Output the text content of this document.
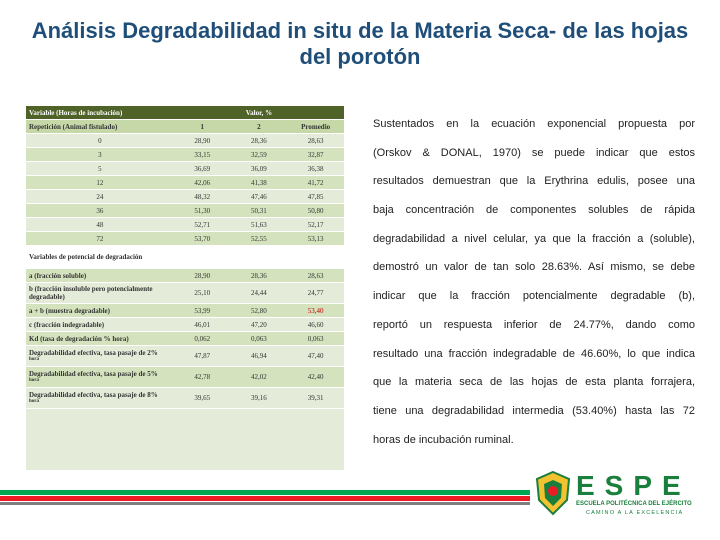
Análisis Degradabilidad in situ de la Materia Seca- de las hojas del porotón
Variable (Horas de incubación)	Valor, %		
Repetición (Animal fistulado)	1	2	Promedio
0	28,90	28,36	28,63
3	33,15	32,59	32,87
5	36,69	36,09	36,38
12	42,06	41,38	41,72
24	48,32	47,46	47,85
36	51,30	50,31	50,80
48	52,71	51,63	52,17
72	53,70	52,55	53,13
Variables de potencial de degradación			
a (fracción soluble)	28,90	28,36	28,63
b (fracción insoluble pero potencialmente degradable)	25,10	24,44	24,77
a + b (muestra degradable)	53,99	52,80	53,40
c (fracción indegradable)	46,01	47,20	46,60
Kd (tasa de degradación % hora)	0,062	0,063	0,063
Degradabilidad efectiva, tasa pasaje de 2%
hora	47,87	46,94	47,40
Degradabilidad efectiva, tasa pasaje de 5%
hora	42,78	42,02	42,40
Degradabilidad efectiva, tasa pasaje de 8%
hora	39,65	39,16	39,31
Sustentados en la ecuación exponencial propuesta por
(Orskov & DONAL, 1970) se puede indicar que estos
resultados demuestran que la Erythrina edulis, posee una
baja concentración de componentes solubles de rápida
degradabilidad a nivel celular, ya que la fracción a (soluble),
demostró un valor de tan solo 28.63%. Así mismo, se debe
indicar que la fracción potencialmente degradable (b),
reportó un respuesta inferior de 24.77%, dando como
resultado una fracción indegradable de 46.60%, lo que indica
que la materia seca de las hojas de esta planta forrajera,
tiene una degradabilidad intermedia (53.40%) hasta las 72
horas de incubación ruminal.
ESPE
ESCUELA POLITÉCNICA DEL EJÉRCITO
CAMINO A LA EXCELENCIA
